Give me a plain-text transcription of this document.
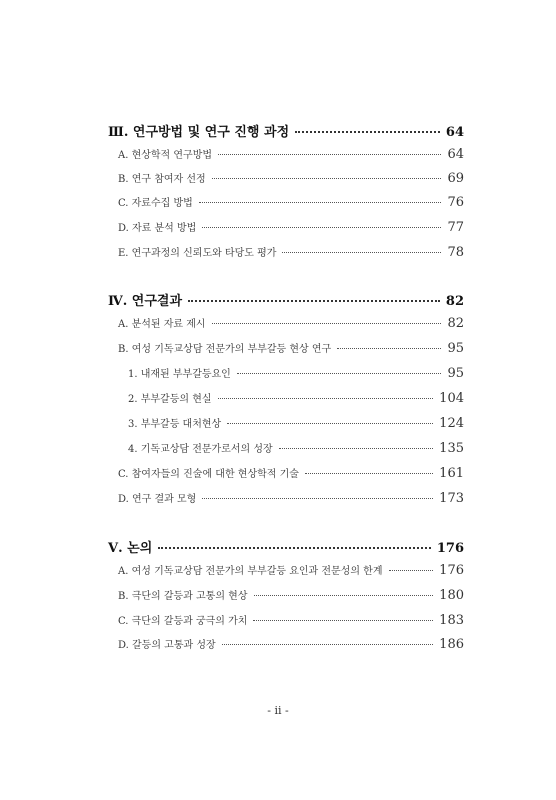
Ⅲ. 연구방법 및 연구 진행 과정	64
A. 현상학적 연구방법	64
B. 연구 참여자 선정	69
C. 자료수집 방법	76
D. 자료 분석 방법	77
E. 연구과정의 신뢰도와 타당도 평가	78
Ⅳ. 연구결과	82
A. 분석된 자료 제시	82
B. 여성 기독교상담 전문가의 부부갈등 현상 연구	95
1. 내재된 부부갈등요인	95
2. 부부갈등의 현실	104
3. 부부갈등 대처현상	124
4. 기독교상담 전문가로서의 성장	135
C. 참여자들의 진술에 대한 현상학적 기술	161
D. 연구 결과 모형	173
Ⅴ. 논의	176
A. 여성 기독교상담 전문가의 부부갈등 요인과 전문성의 한계	176
B. 극단의 갈등과 고통의 현상	180
C. 극단의 갈등과 궁극의 가치	183
D. 갈등의 고통과 성장	186
- ii -
